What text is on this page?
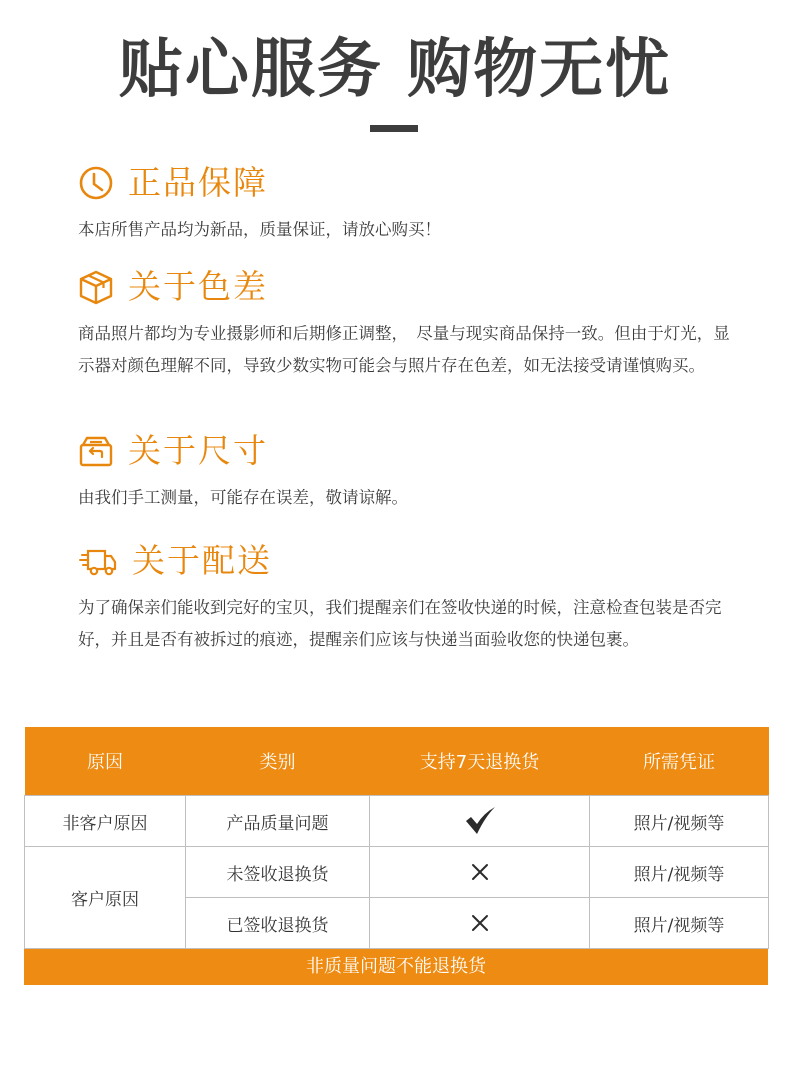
贴心服务 购物无忧
正品保障
本店所售产品均为新品，质量保证，请放心购买！
关于色差
商品照片都均为专业摄影师和后期修正调整，　尽量与现实商品保持一致。但由于灯光，显示器对颜色理解不同，导致少数实物可能会与照片存在色差，如无法接受请谨慎购买。
关于尺寸
由我们手工测量，可能存在误差，敬请谅解。
关于配送
为了确保亲们能收到完好的宝贝，我们提醒亲们在签收快递的时候，注意检查包装是否完好，并且是否有被拆过的痕迹，提醒亲们应该与快递当面验收您的快递包裹。
原因	类别	支持7天退换货	所需凭证
非客户原因	产品质量问题		照片/视频等
客户原因	未签收退换货		照片/视频等
	已签收退换货		照片/视频等
非质量问题不能退换货
